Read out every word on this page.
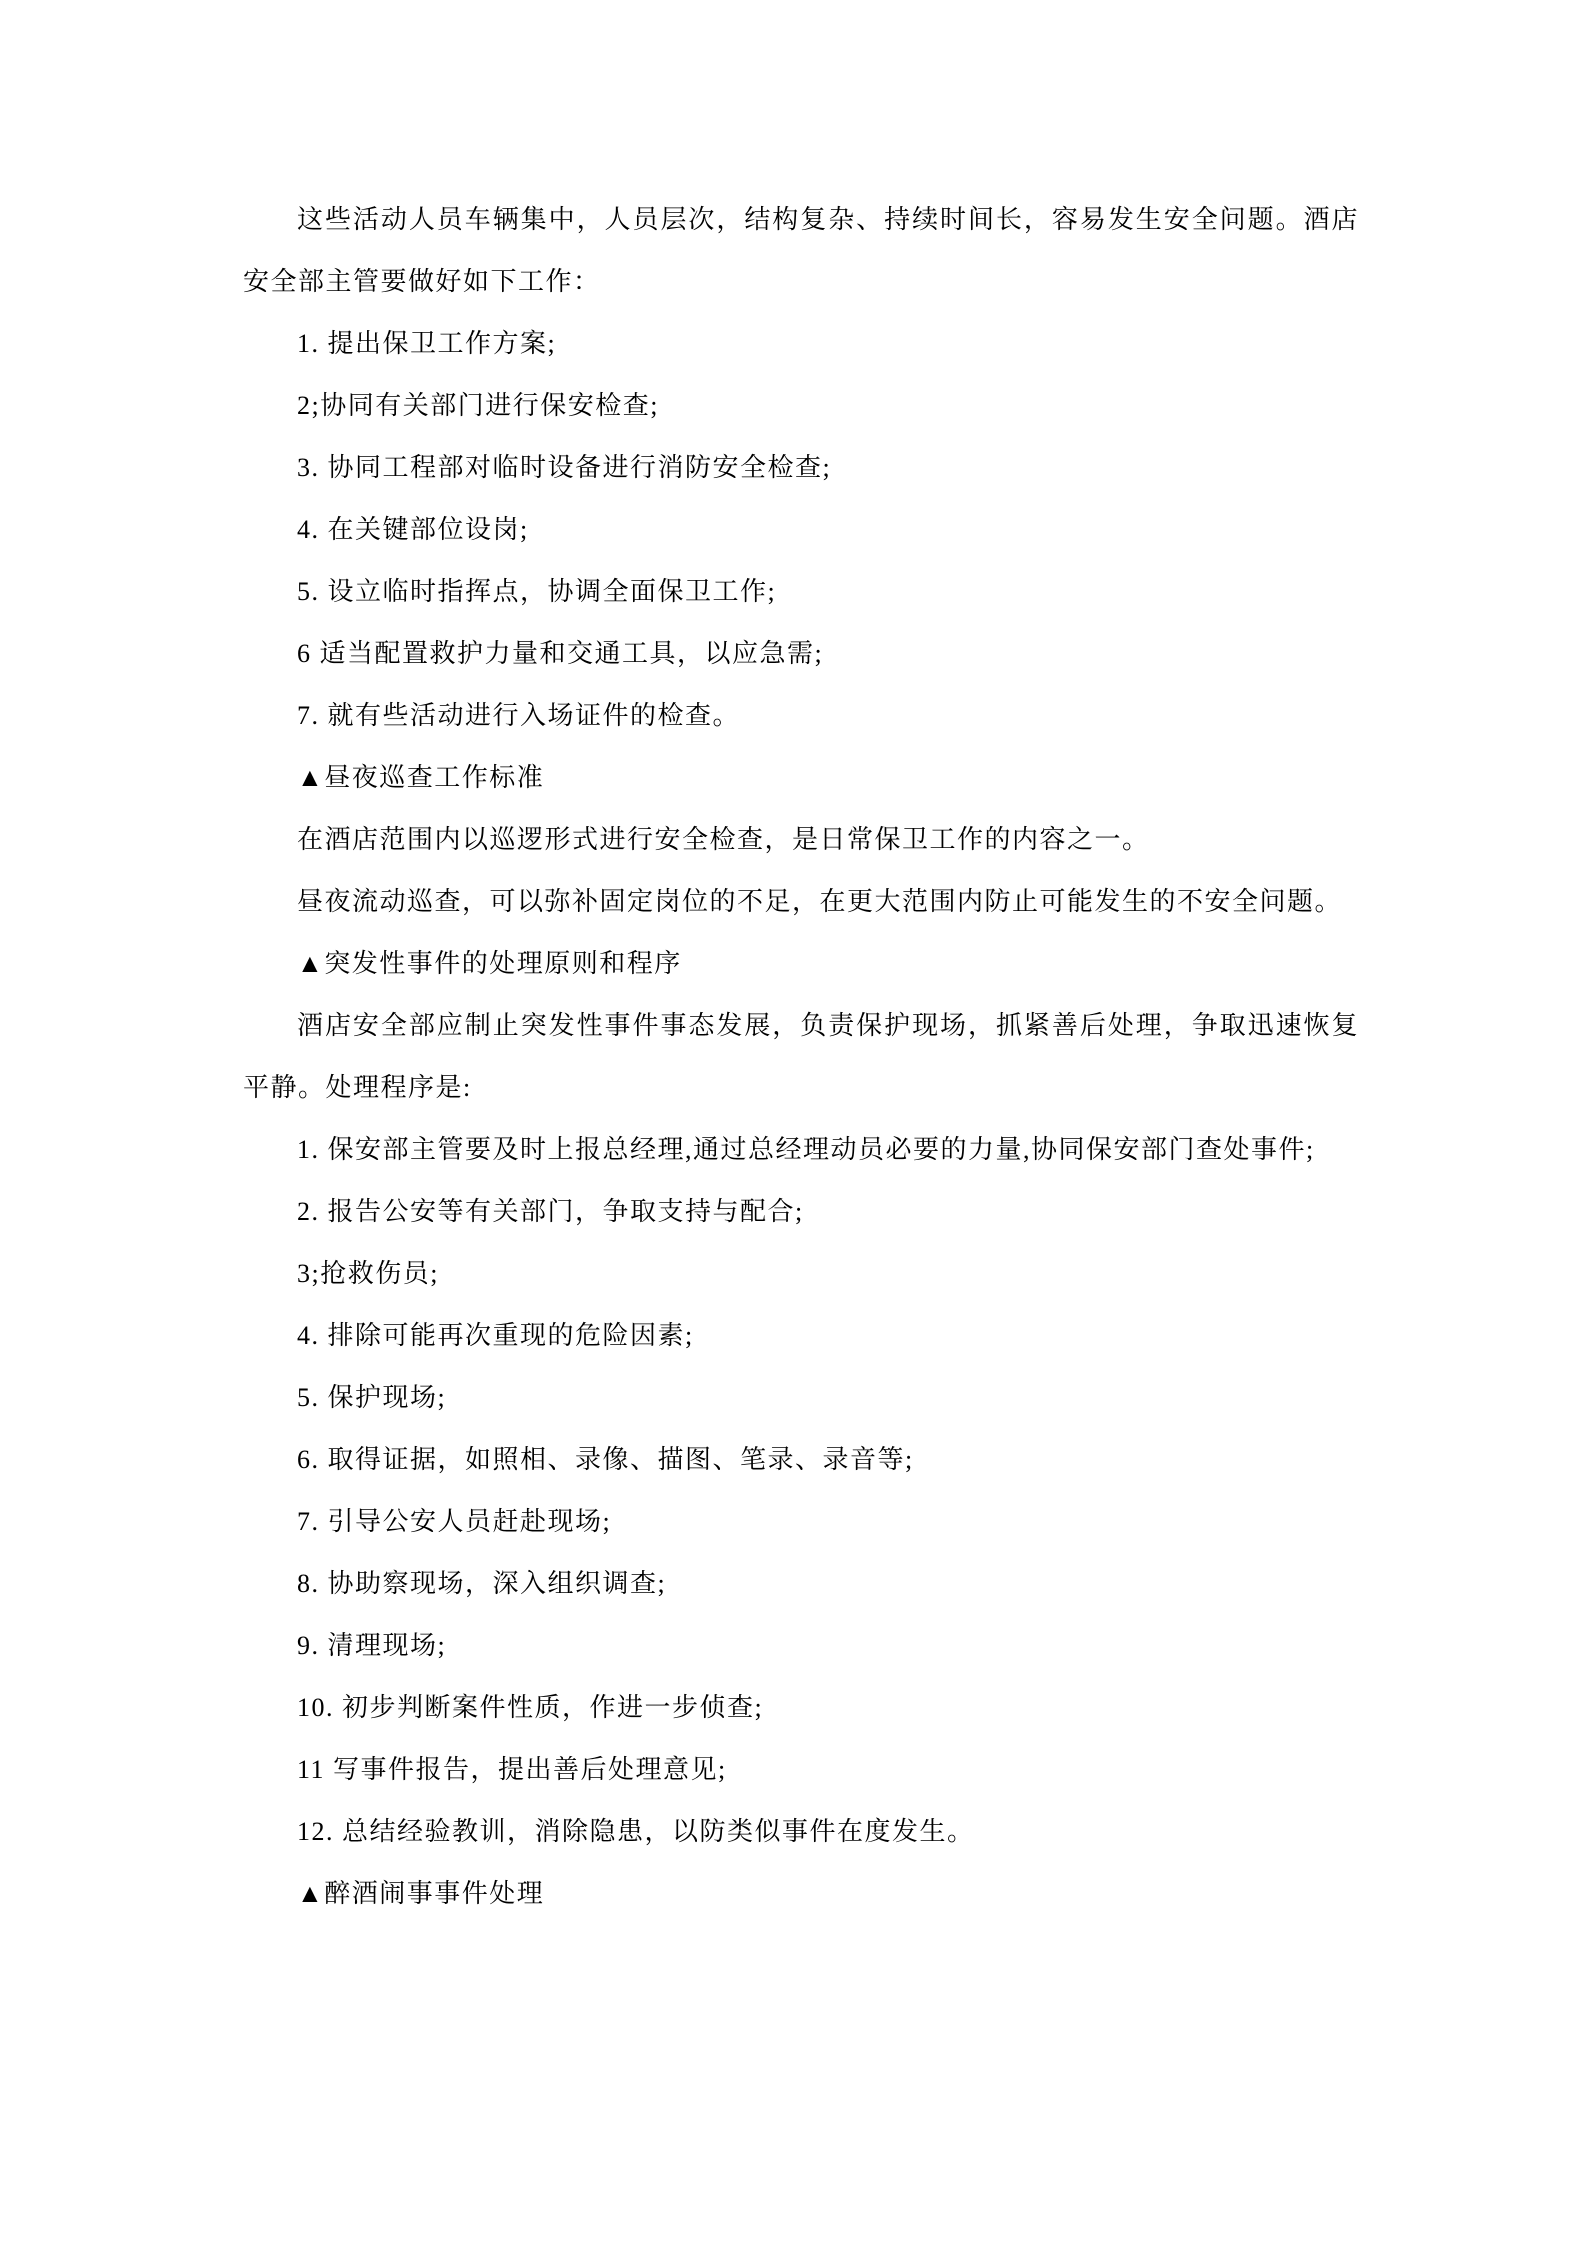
这些活动人员车辆集中，人员层次，结构复杂、持续时间长，容易发生安全问题。酒店安全部主管要做好如下工作：

1. 提出保卫工作方案;

2;协同有关部门进行保安检查;

3. 协同工程部对临时设备进行消防安全检查;

4. 在关键部位设岗;

5. 设立临时指挥点，协调全面保卫工作;

6 适当配置救护力量和交通工具，以应急需;

7. 就有些活动进行入场证件的检查。

▲昼夜巡查工作标准

在酒店范围内以巡逻形式进行安全检查，是日常保卫工作的内容之一。

昼夜流动巡查，可以弥补固定岗位的不足，在更大范围内防止可能发生的不安全问题。

▲突发性事件的处理原则和程序

酒店安全部应制止突发性事件事态发展，负责保护现场，抓紧善后处理，争取迅速恢复平静。处理程序是:

1. 保安部主管要及时上报总经理,通过总经理动员必要的力量,协同保安部门查处事件;

2. 报告公安等有关部门，争取支持与配合;

3;抢救伤员;

4. 排除可能再次重现的危险因素;

5. 保护现场;

6. 取得证据，如照相、录像、描图、笔录、录音等;

7. 引导公安人员赶赴现场;

8. 协助察现场，深入组织调查;

9. 清理现场;

10. 初步判断案件性质，作进一步侦查;

11 写事件报告，提出善后处理意见;

12. 总结经验教训，消除隐患，以防类似事件在度发生。

▲醉酒闹事事件处理
